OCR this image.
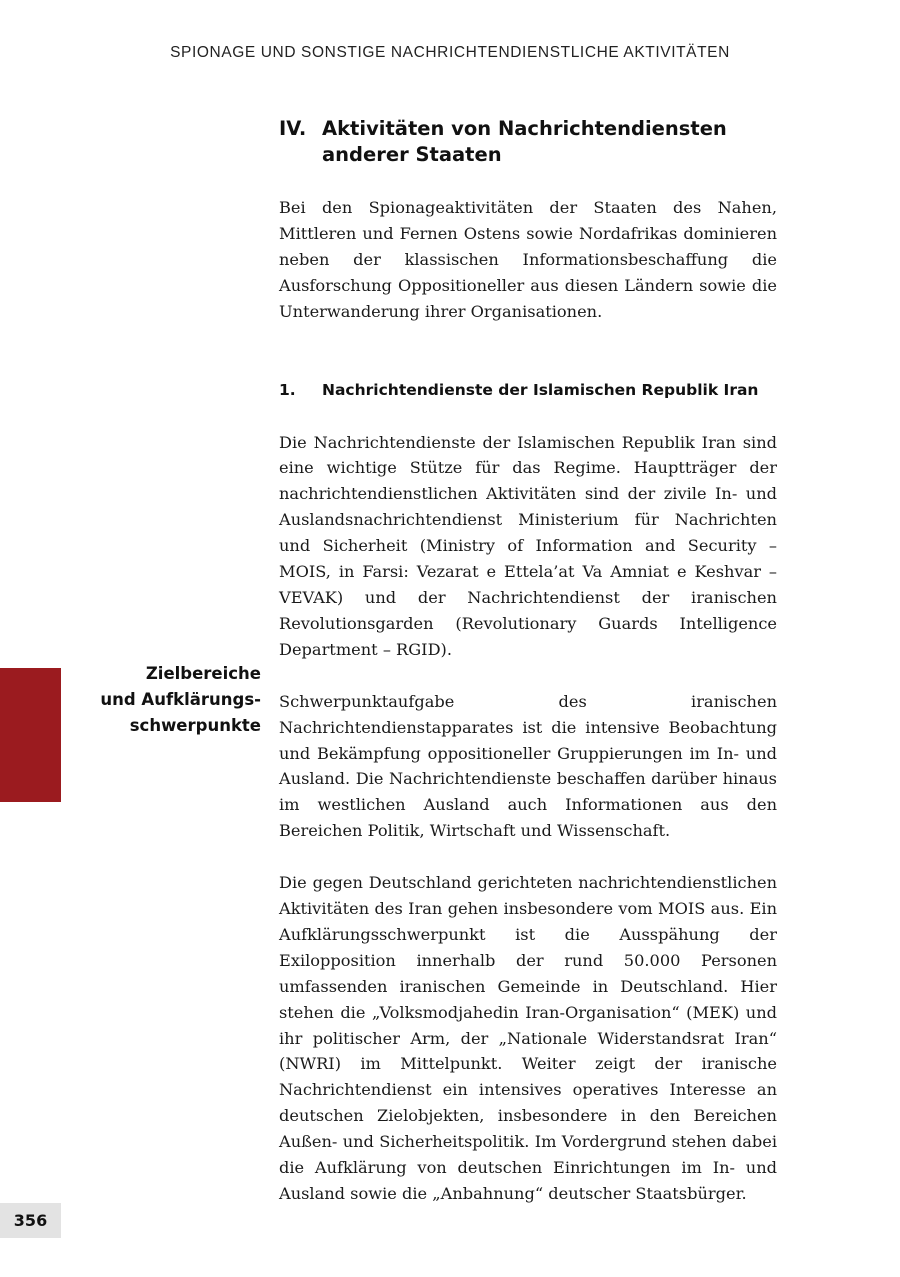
SPIONAGE UND SONSTIGE NACHRICHTENDIENSTLICHE AKTIVITÄTEN
Zielbereiche
und Aufklärungs-
schwerpunkte
IV. Aktivitäten von Nachrichtendiensten anderer Staaten

Bei den Spionageaktivitäten der Staaten des Nahen, Mittleren und Fernen Ostens sowie Nordafrikas dominieren neben der klassischen Informationsbeschaffung die Ausforschung Oppositioneller aus diesen Ländern sowie die Unterwanderung ihrer Organisationen.

1.	Nachrichtendienste der Islamischen Republik Iran

Die Nachrichtendienste der Islamischen Republik Iran sind eine wichtige Stütze für das Regime. Hauptträger der nachrichtendienstlichen Aktivitäten sind der zivile In- und Auslandsnachrichtendienst Ministerium für Nachrichten und Sicherheit (Ministry of Information and Security – MOIS, in Farsi: Vezarat e Ettela’at Va Amniat e Keshvar – VEVAK) und der Nachrichtendienst der iranischen Revolutionsgarden (Revolutionary Guards Intelligence Department – RGID).

Schwerpunktaufgabe des iranischen Nachrichtendienstapparates ist die intensive Beobachtung und Bekämpfung oppositioneller Gruppierungen im In- und Ausland. Die Nachrichtendienste beschaffen darüber hinaus im westlichen Ausland auch Informationen aus den Bereichen Politik, Wirtschaft und Wissenschaft.

Die gegen Deutschland gerichteten nachrichtendienstlichen Aktivitäten des Iran gehen insbesondere vom MOIS aus. Ein Aufklärungsschwerpunkt ist die Ausspähung der Exilopposition innerhalb der rund 50.000 Personen umfassenden iranischen Gemeinde in Deutschland. Hier stehen die „Volksmodjahedin Iran-Organisation“ (MEK) und ihr politischer Arm, der „Nationale Widerstandsrat Iran“ (NWRI) im Mittelpunkt. Weiter zeigt der iranische Nachrichtendienst ein intensives operatives Interesse an deutschen Zielobjekten, insbesondere in den Bereichen Außen- und Sicherheitspolitik. Im Vordergrund stehen dabei die Aufklärung von deutschen Einrichtungen im In- und Ausland sowie die „Anbahnung“ deutscher Staatsbürger.

356
